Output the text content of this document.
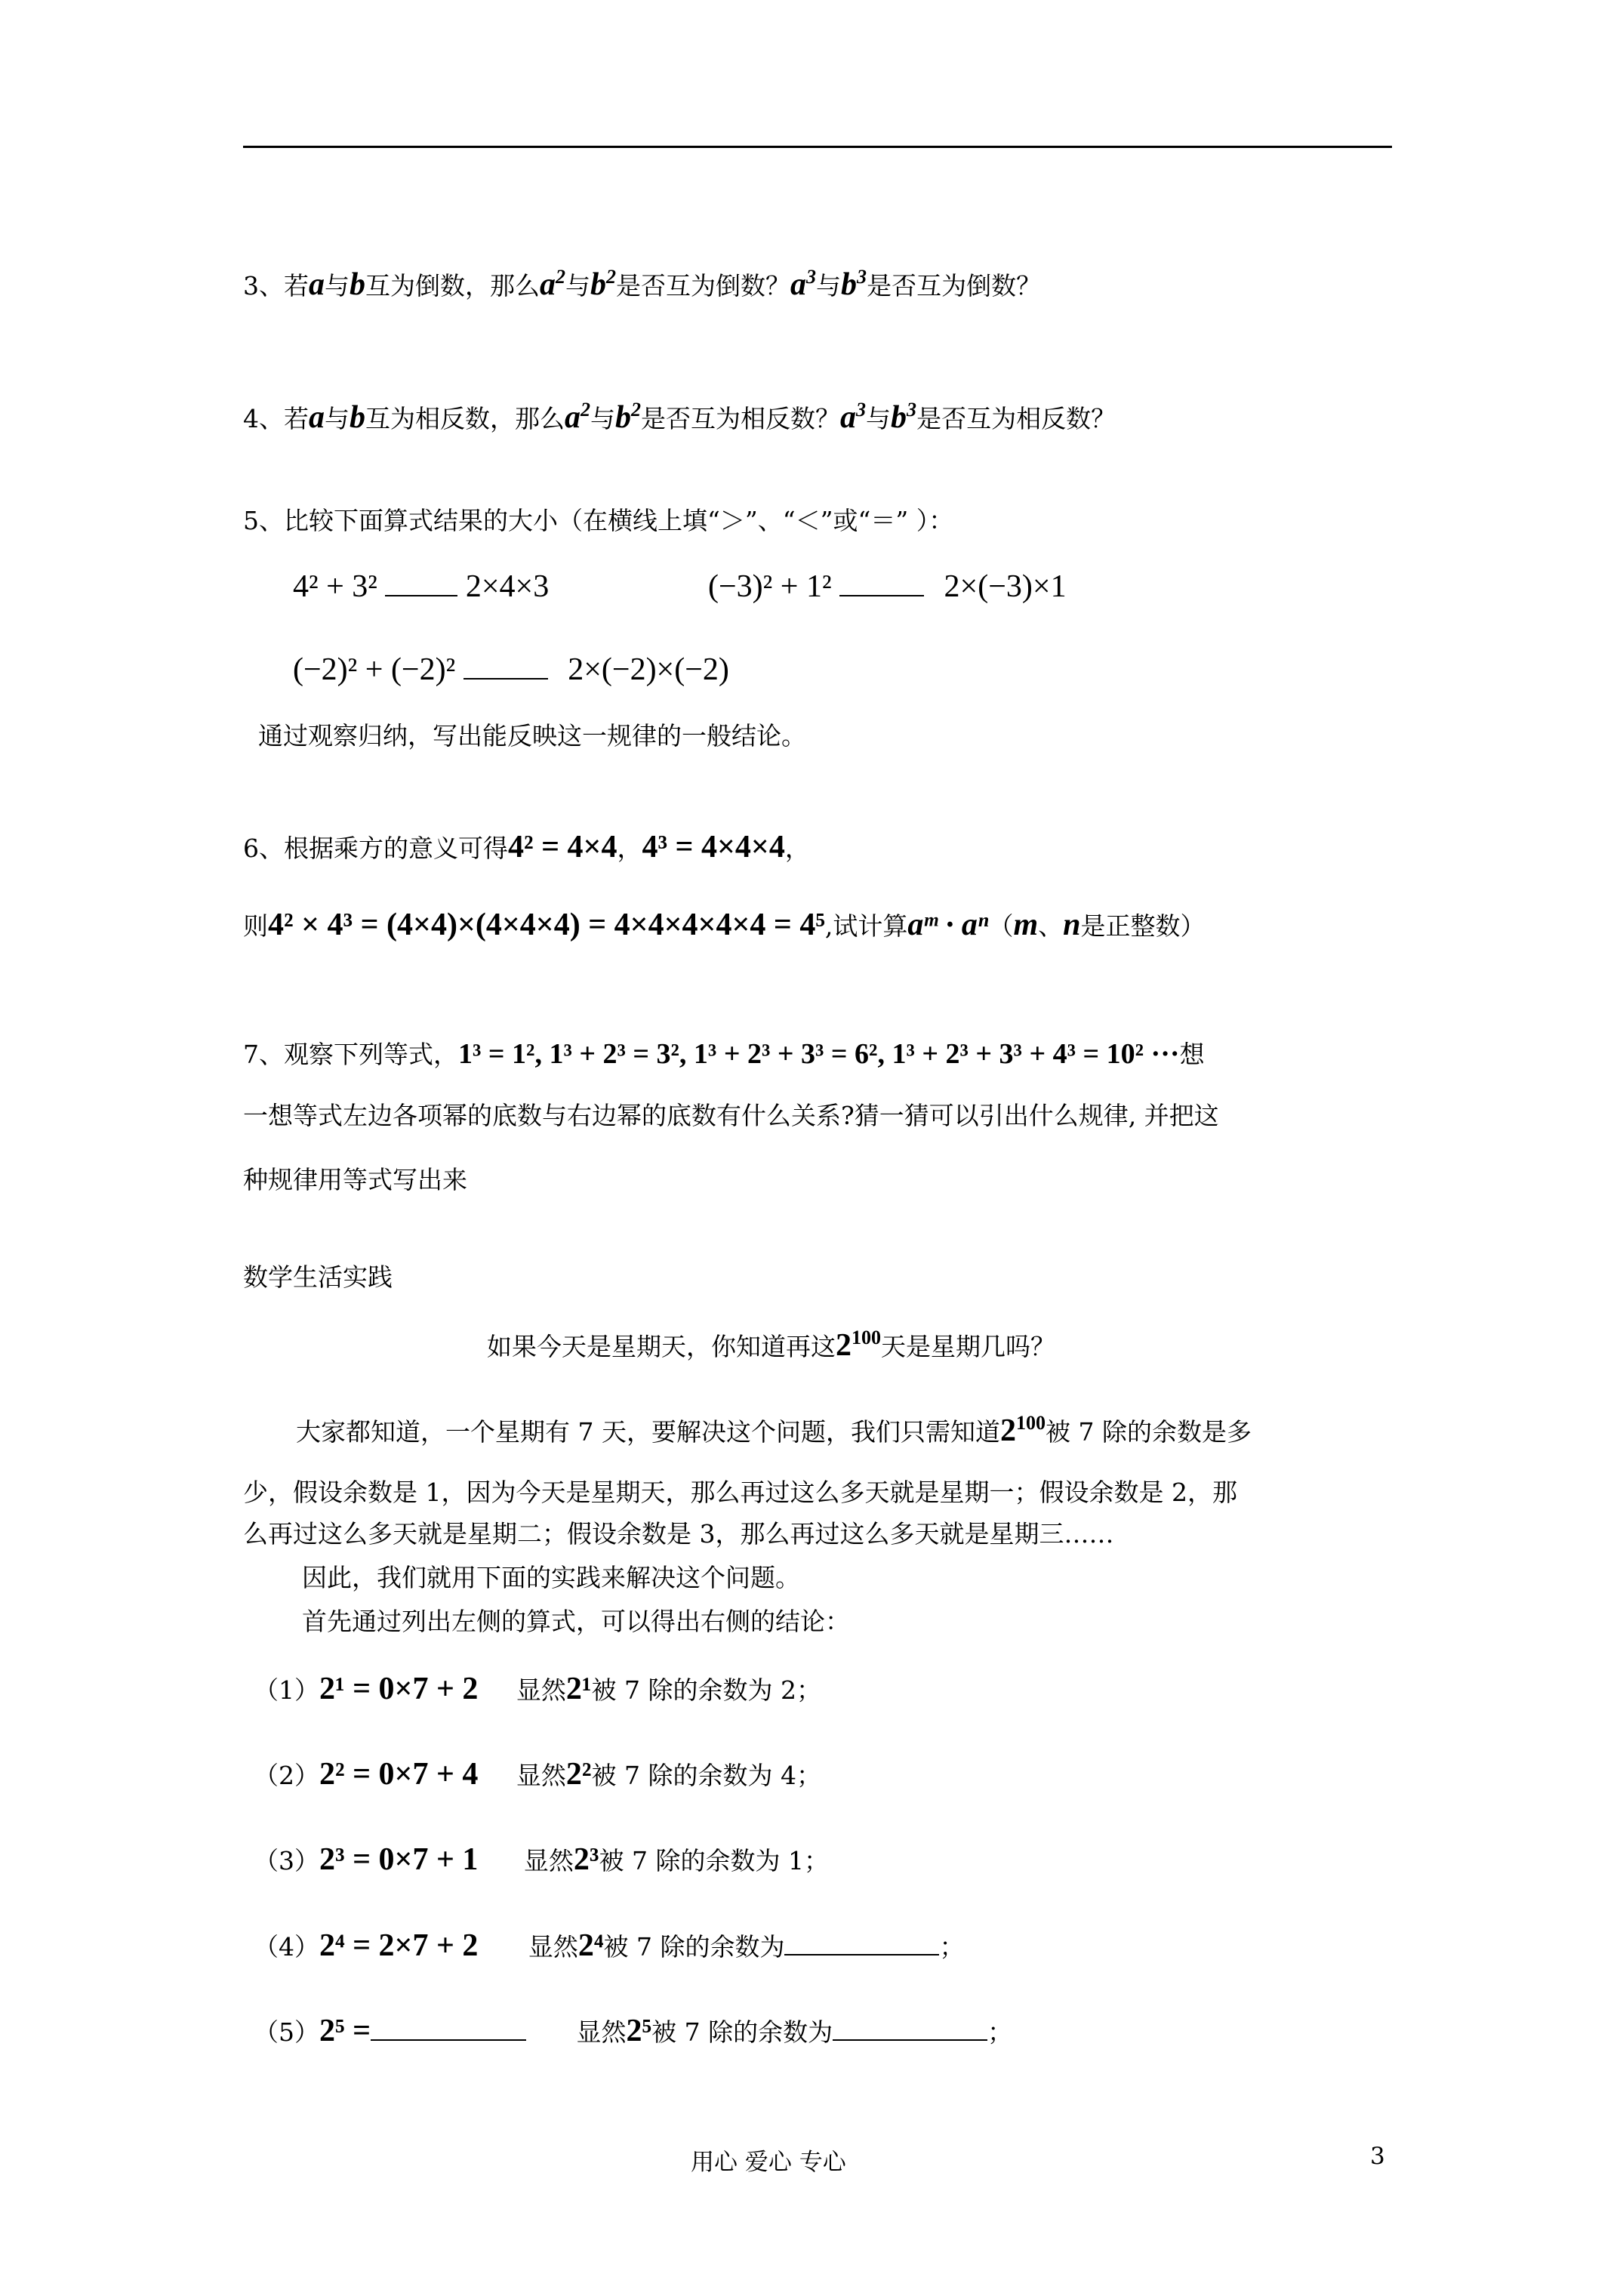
3、若a与b互为倒数，那么$a^2$与$b^2$是否互为倒数？$a^3$与$b^3$是否互为倒数？
4、若a与b互为相反数，那么$a^2$与$b^2$是否互为相反数？$a^3$与$b^3$是否互为相反数？
5、比较下面算式结果的大小（在横线上填“＞”、“＜”或“＝” ）：
4² + 3²	2×4×3	(−3)² + 1²	2×(−3)×1
(−2)² + (−2)²	2×(−2)×(−2)
通过观察归纳，写出能反映这一规律的一般结论。
6、根据乘方的意义可得4² = 4×4，4³ = 4×4×4，
则4² × 4³ = (4×4)×(4×4×4) = 4×4×4×4×4 = 4⁵,试计算aᵐ · aⁿ（m、n是正整数）
7、观察下列等式，1³ = 1², 1³ + 2³ = 3², 1³ + 2³ + 3³ = 6², 1³ + 2³ + 3³ + 4³ = 10² ···想
一想等式左边各项幂的底数与右边幂的底数有什么关系?猜一猜可以引出什么规律, 并把这
种规律用等式写出来
数学生活实践
如果今天是星期天，你知道再这$2^{100}$天是星期几吗？
大家都知道，一个星期有 7 天，要解决这个问题，我们只需知道$2^{100}$被 7 除的余数是多
少，假设余数是 1，因为今天是星期天，那么再过这么多天就是星期一；假设余数是 2，那
么再过这么多天就是星期二；假设余数是 3，那么再过这么多天就是星期三……
因此，我们就用下面的实践来解决这个问题。
首先通过列出左侧的算式，可以得出右侧的结论：
（1）2¹ = 0×7 + 2 显然2¹被 7 除的余数为 2；
（2）2² = 0×7 + 4 显然2²被 7 除的余数为 4；
（3）2³ = 0×7 + 1 显然2³被 7 除的余数为 1；
（4）2⁴ = 2×7 + 2 显然2⁴被 7 除的余数为	；
（5）2⁵ =	显然2⁵被 7 除的余数为	；
用心 爱心 专心	3
